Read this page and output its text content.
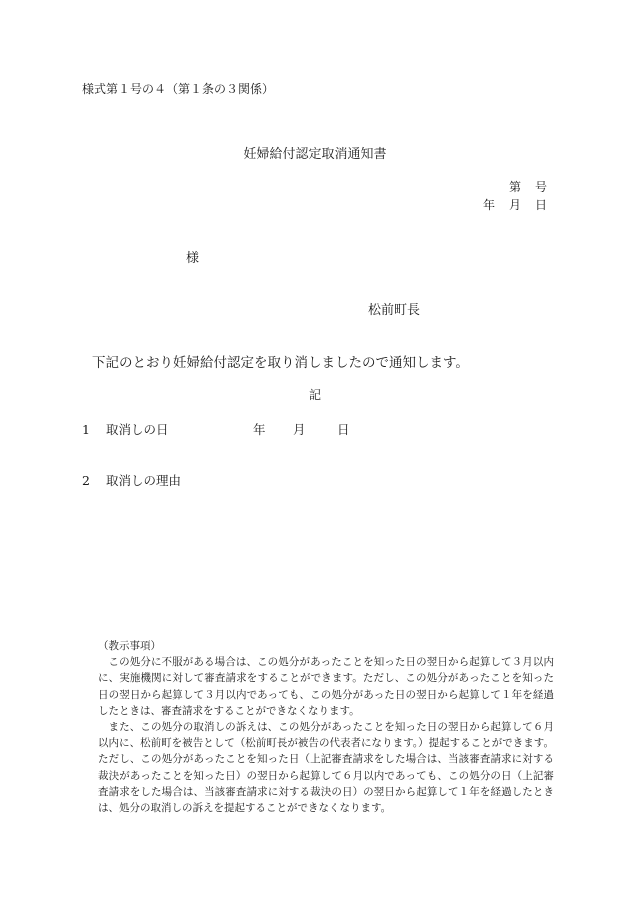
様式第１号の４（第１条の３関係）
妊婦給付認定取消通知書
第　号
年　月　日
様
松前町長
下記のとおり妊婦給付認定を取り消しましたので通知します。
記
1 取消しの日	年 月	日
2 取消しの理由
（教示事項）
この処分に不服がある場合は、この処分があったことを知った日の翌日から起算して３月以内に、実施機関に対して審査請求をすることができます。ただし、この処分があったことを知った日の翌日から起算して３月以内であっても、この処分があった日の翌日から起算して１年を経過したときは、審査請求をすることができなくなります。
また、この処分の取消しの訴えは、この処分があったことを知った日の翌日から起算して６月以内に、松前町を被告として（松前町長が被告の代表者になります。）提起することができます。ただし、この処分があったことを知った日（上記審査請求をした場合は、当該審査請求に対する裁決があったことを知った日）の翌日から起算して６月以内であっても、この処分の日（上記審査請求をした場合は、当該審査請求に対する裁決の日）の翌日から起算して１年を経過したときは、処分の取消しの訴えを提起することができなくなります。
